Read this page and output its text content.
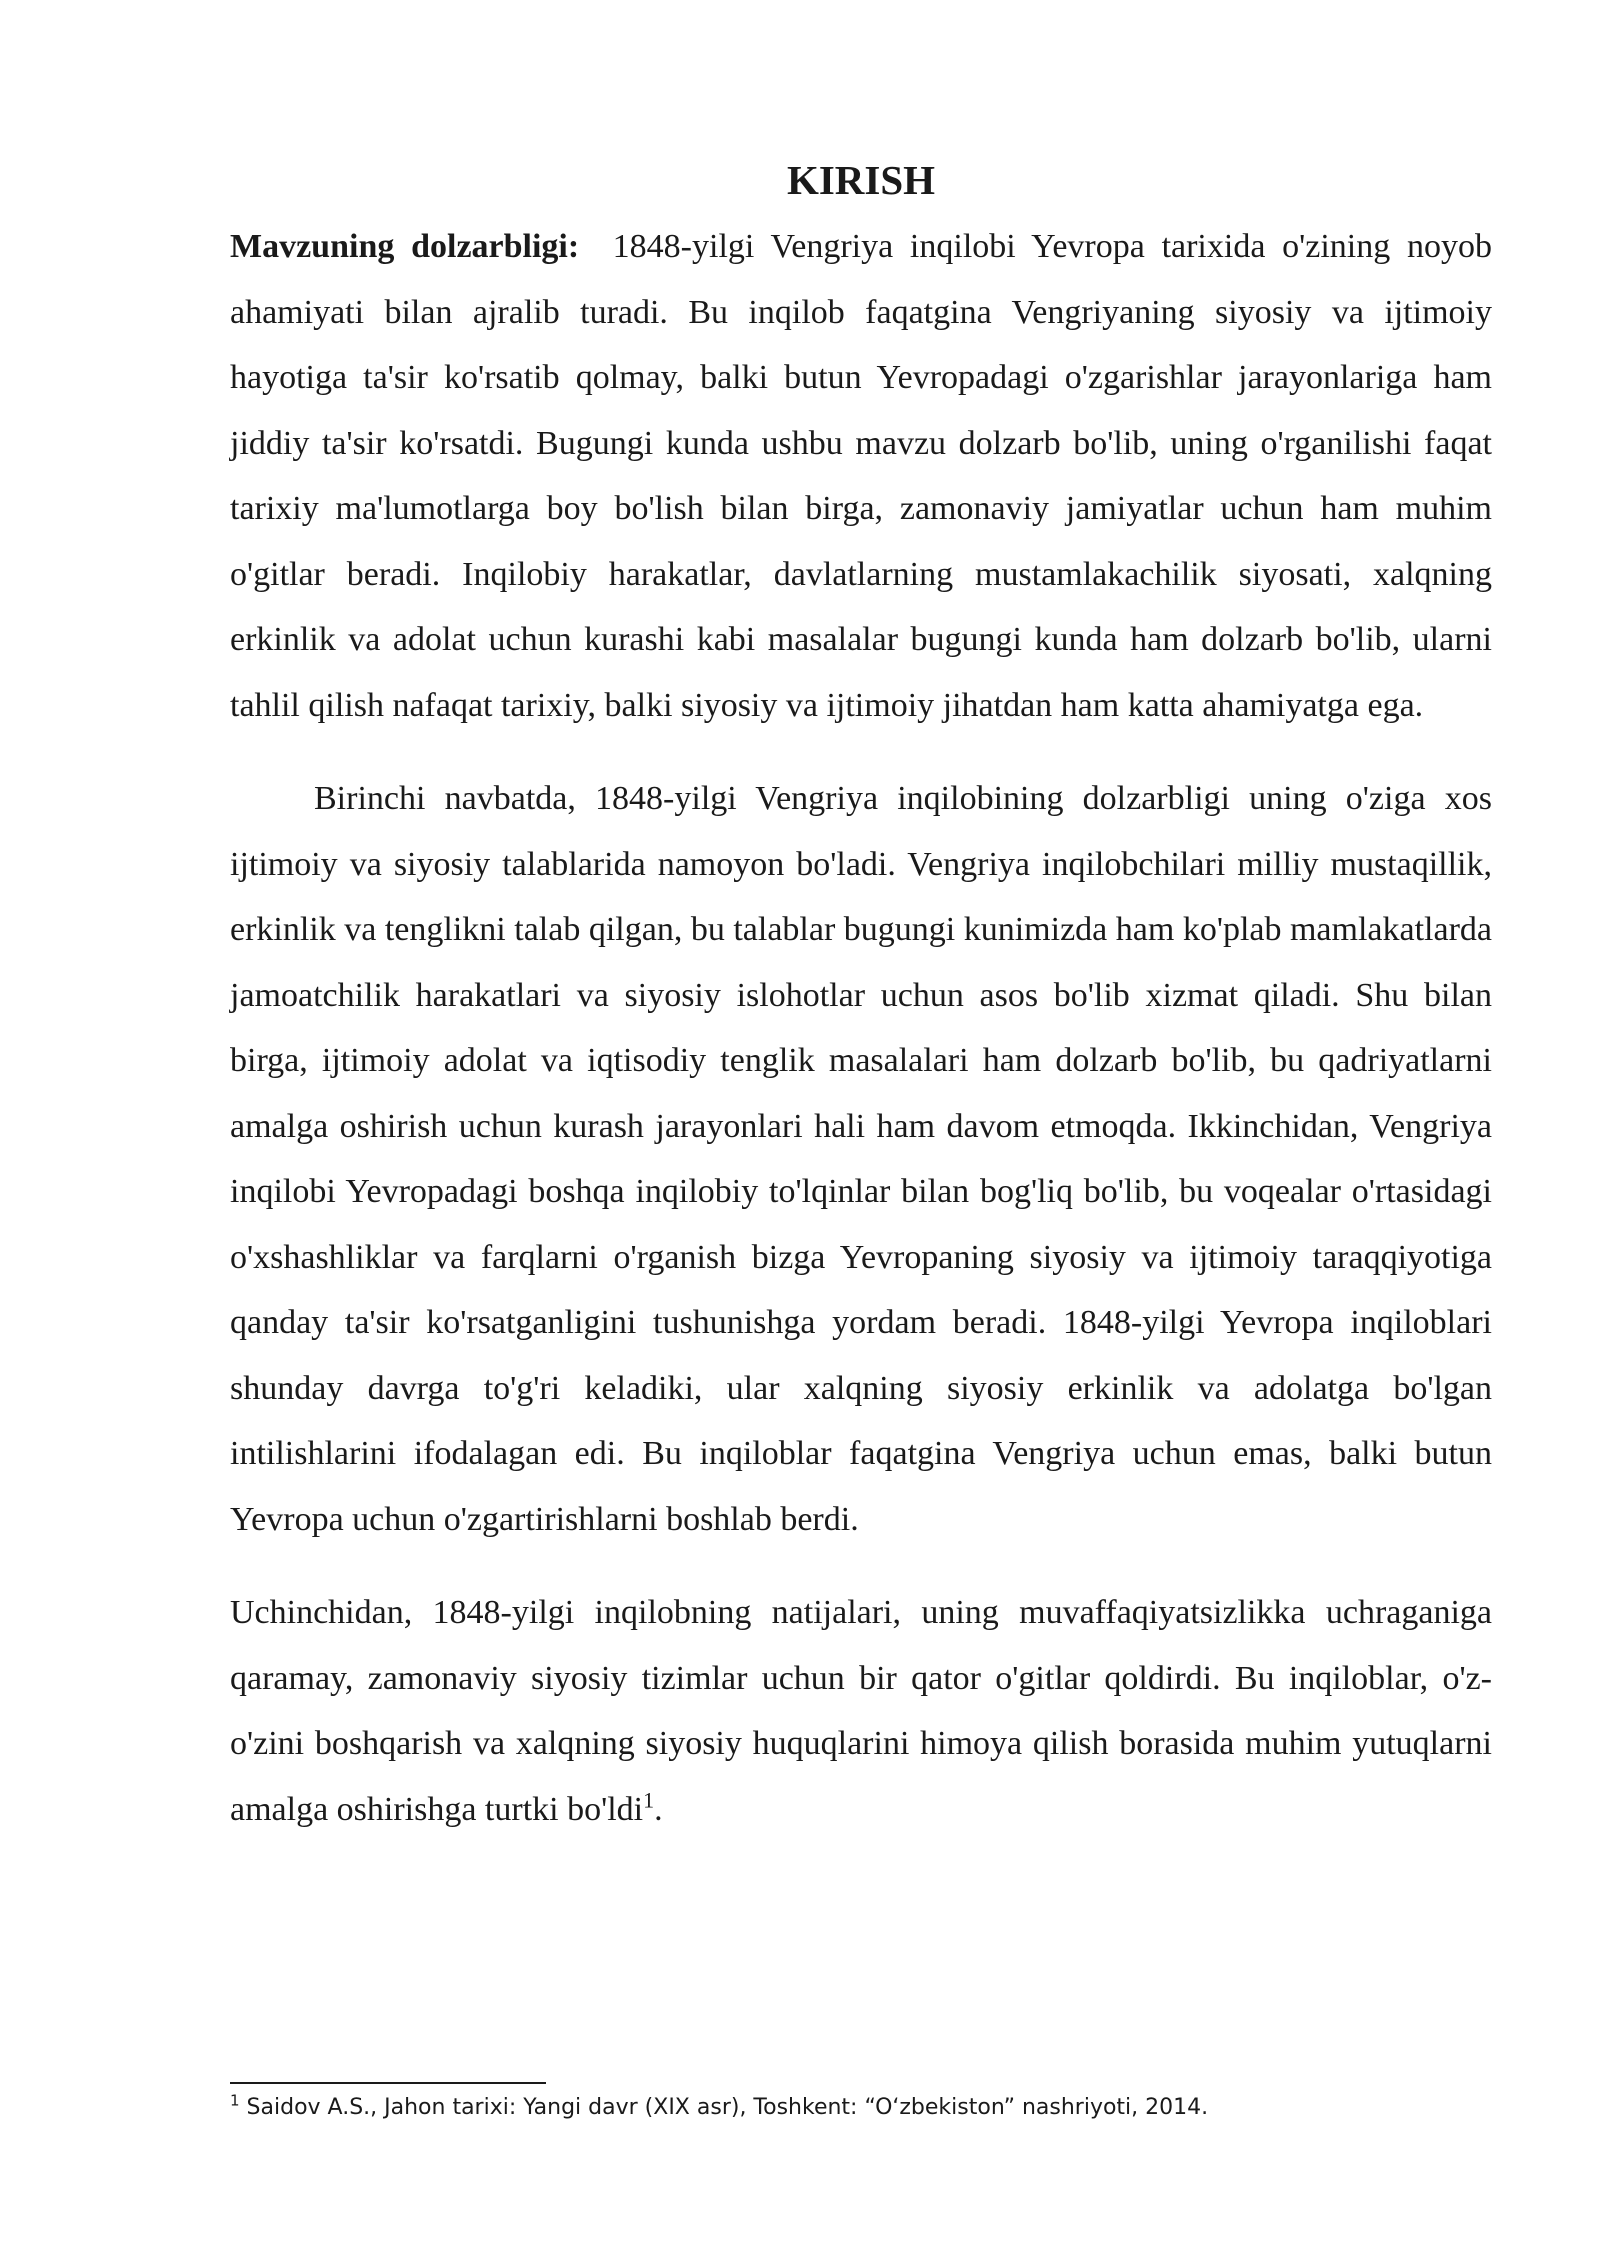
KIRISH

Mavzuning dolzarbligi: 1848-yilgi Vengriya inqilobi Yevropa tarixida o'zining noyob ahamiyati bilan ajralib turadi. Bu inqilob faqatgina Vengriyaning siyosiy va ijtimoiy hayotiga ta'sir ko'rsatib qolmay, balki butun Yevropadagi o'zgarishlar jarayonlariga ham jiddiy ta'sir ko'rsatdi. Bugungi kunda ushbu mavzu dolzarb bo'lib, uning o'rganilishi faqat tarixiy ma'lumotlarga boy bo'lish bilan birga, zamonaviy jamiyatlar uchun ham muhim o'gitlar beradi. Inqilobiy harakatlar, davlatlarning mustamlakachilik siyosati, xalqning erkinlik va adolat uchun kurashi kabi masalalar bugungi kunda ham dolzarb bo'lib, ularni tahlil qilish nafaqat tarixiy, balki siyosiy va ijtimoiy jihatdan ham katta ahamiyatga ega.

Birinchi navbatda, 1848-yilgi Vengriya inqilobining dolzarbligi uning o'ziga xos ijtimoiy va siyosiy talablarida namoyon bo'ladi. Vengriya inqilobchilari milliy mustaqillik, erkinlik va tenglikni talab qilgan, bu talablar bugungi kunimizda ham ko'plab mamlakatlarda jamoatchilik harakatlari va siyosiy islohotlar uchun asos bo'lib xizmat qiladi. Shu bilan birga, ijtimoiy adolat va iqtisodiy tenglik masalalari ham dolzarb bo'lib, bu qadriyatlarni amalga oshirish uchun kurash jarayonlari hali ham davom etmoqda. Ikkinchidan, Vengriya inqilobi Yevropadagi boshqa inqilobiy to'lqinlar bilan bog'liq bo'lib, bu voqealar o'rtasidagi o'xshashliklar va farqlarni o'rganish bizga Yevropaning siyosiy va ijtimoiy taraqqiyotiga qanday ta'sir ko'rsatganligini tushunishga yordam beradi. 1848-yilgi Yevropa inqiloblari shunday davrga to'g'ri keladiki, ular xalqning siyosiy erkinlik va adolatga bo'lgan intilishlarini ifodalagan edi. Bu inqiloblar faqatgina Vengriya uchun emas, balki butun Yevropa uchun o'zgartirishlarni boshlab berdi.

Uchinchidan, 1848-yilgi inqilobning natijalari, uning muvaffaqiyatsizlikka uchraganiga qaramay, zamonaviy siyosiy tizimlar uchun bir qator o'gitlar qoldirdi. Bu inqiloblar, o'z-o'zini boshqarish va xalqning siyosiy huquqlarini himoya qilish borasida muhim yutuqlarni amalga oshirishga turtki bo'ldi$^1$.

$^1$ Saidov A.S., Jahon tarixi: Yangi davr (XIX asr), Toshkent: “O‘zbekiston” nashriyoti, 2014.
